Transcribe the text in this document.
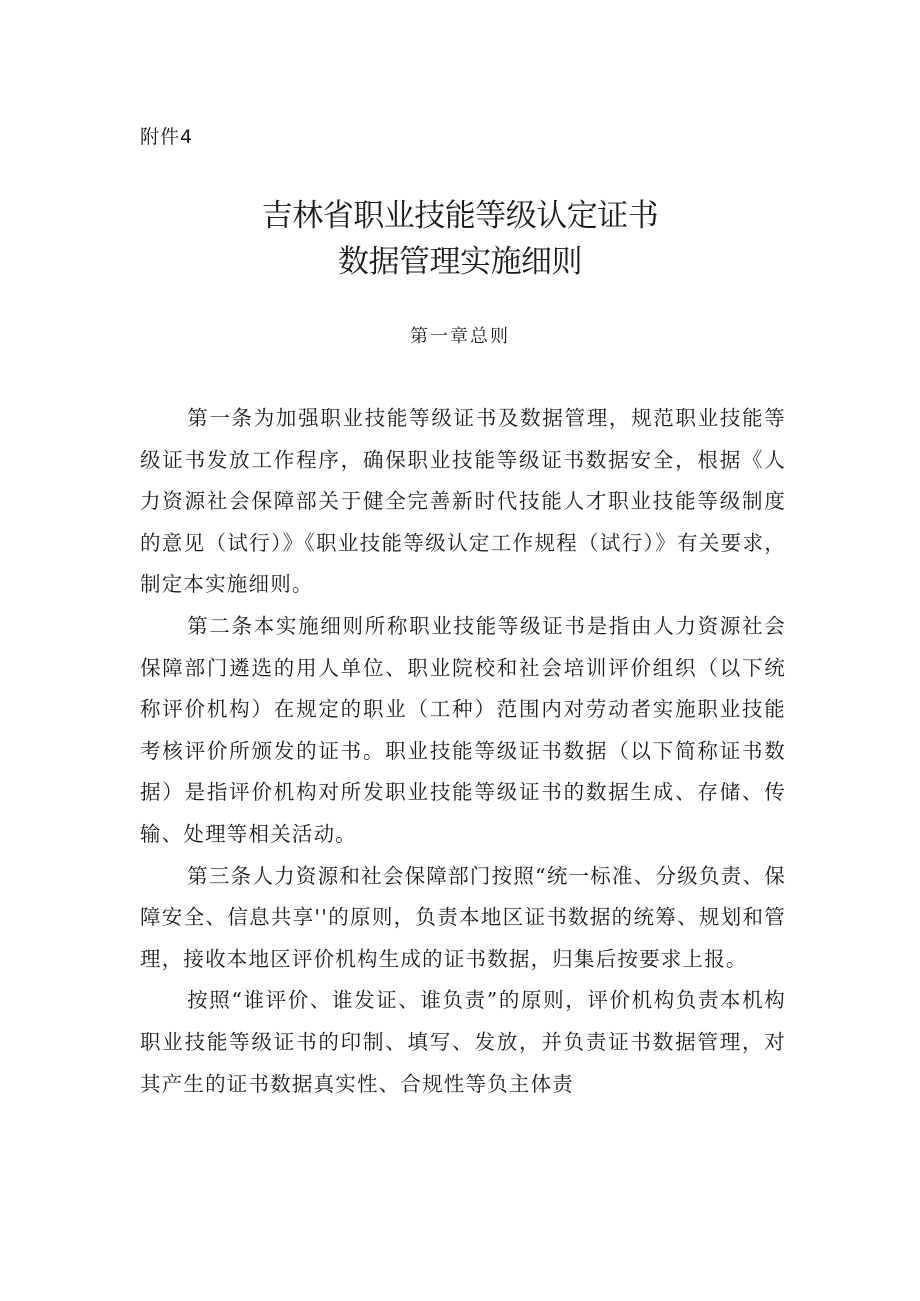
附件4
吉林省职业技能等级认定证书
数据管理实施细则
第一章总则

第一条为加强职业技能等级证书及数据管理，规范职业技能等级证书发放工作程序，确保职业技能等级证书数据安全，根据《人力资源社会保障部关于健全完善新时代技能人才职业技能等级制度的意见（试行）》《职业技能等级认定工作规程（试行）》有关要求，制定本实施细则。

第二条本实施细则所称职业技能等级证书是指由人力资源社会保障部门遴选的用人单位、职业院校和社会培训评价组织（以下统称评价机构）在规定的职业（工种）范围内对劳动者实施职业技能考核评价所颁发的证书。职业技能等级证书数据（以下简称证书数据）是指评价机构对所发职业技能等级证书的数据生成、存储、传输、处理等相关活动。

第三条人力资源和社会保障部门按照“统一标准、分级负责、保障安全、信息共享''的原则，负责本地区证书数据的统筹、规划和管理，接收本地区评价机构生成的证书数据，归集后按要求上报。

按照“谁评价、谁发证、谁负责”的原则，评价机构负责本机构职业技能等级证书的印制、填写、发放，并负责证书数据管理，对其产生的证书数据真实性、合规性等负主体责
